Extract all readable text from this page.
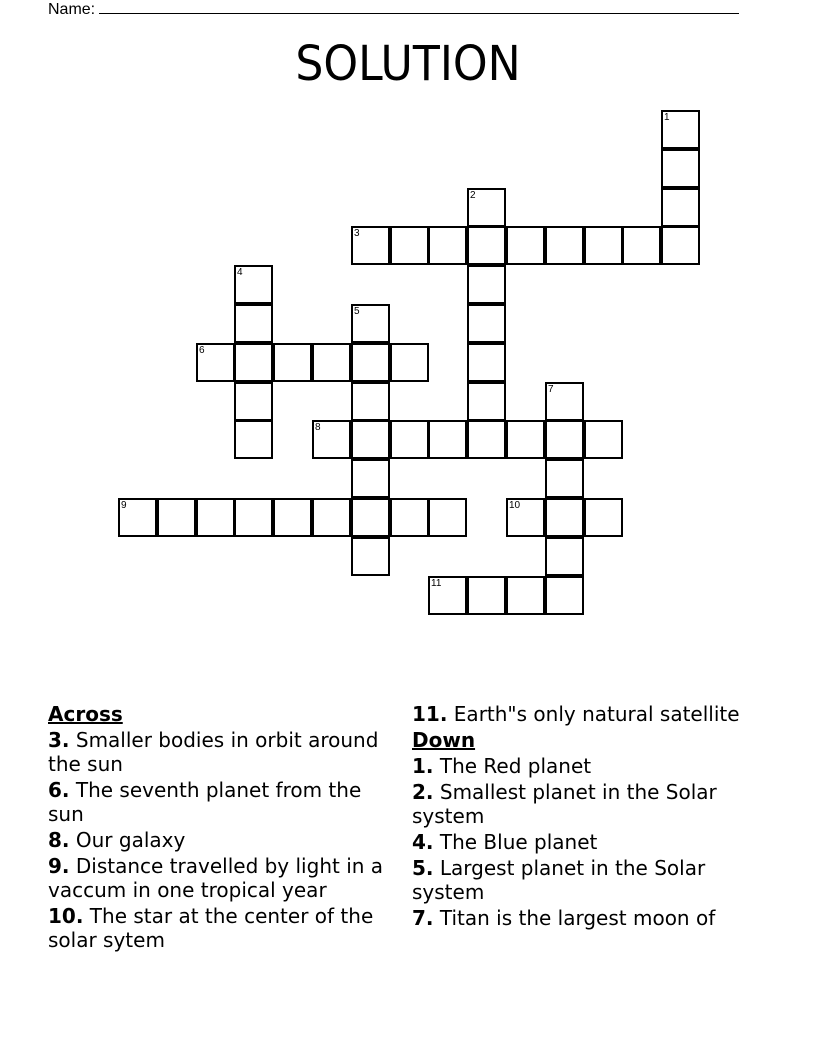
Name:
SOLUTION
1
2
3
4
5
6
7
8
9	10
11
Across
3. Smaller bodies in orbit around the sun
6. The seventh planet from the sun
8. Our galaxy
9. Distance travelled by light in a vaccum in one tropical year
10. The star at the center of the solar sytem
11. Earth"s only natural satellite
Down
1. The Red planet
2. Smallest planet in the Solar system
4. The Blue planet
5. Largest planet in the Solar system
7. Titan is the largest moon of
